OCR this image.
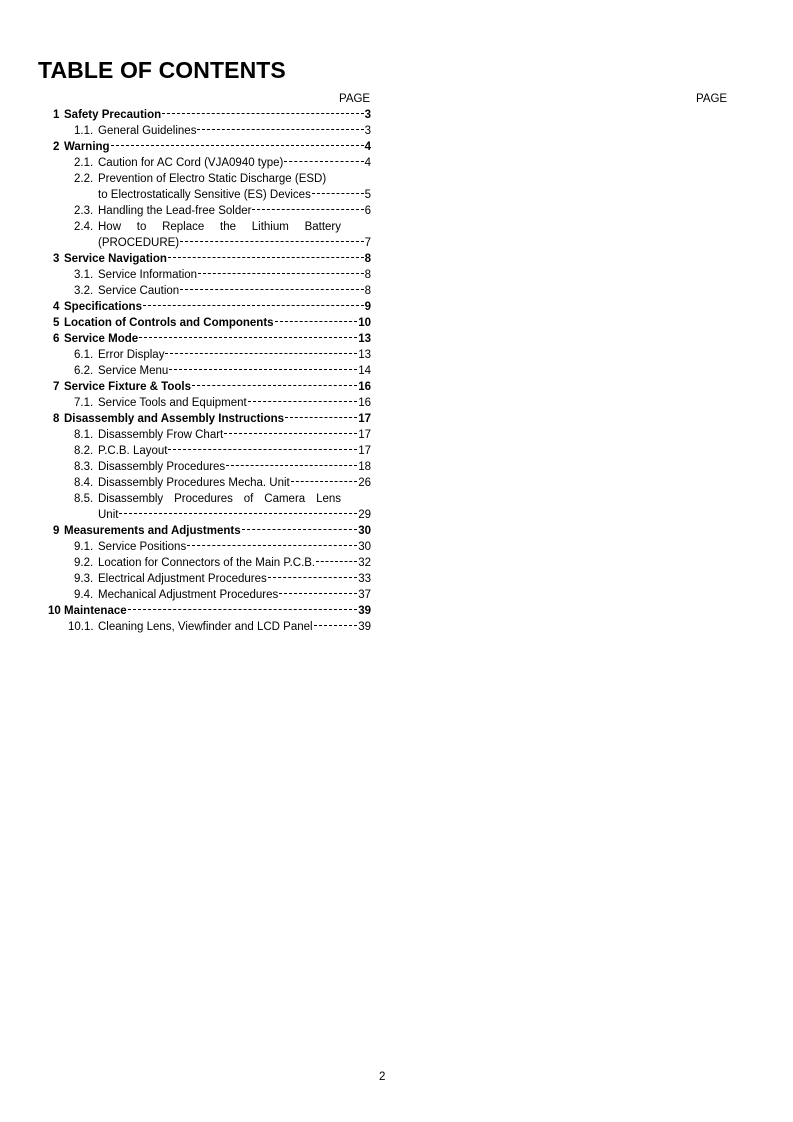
TABLE OF CONTENTS
PAGE	PAGE
1 Safety Precaution	3
1.1. General Guidelines	3
2 Warning	4
2.1. Caution for AC Cord (VJA0940 type)	4
2.2. Prevention of Electro Static Discharge (ESD)
to Electrostatically Sensitive (ES) Devices	5
2.3. Handling the Lead-free Solder	6
2.4. How to Replace the Lithium Battery
(PROCEDURE)	7
3 Service Navigation	8
3.1. Service Information	8
3.2. Service Caution	8
4 Specifications	9
5 Location of Controls and Components	10
6 Service Mode	13
6.1. Error Display	13
6.2. Service Menu	14
7 Service Fixture & Tools	16
7.1. Service Tools and Equipment	16
8 Disassembly and Assembly Instructions	17
8.1. Disassembly Frow Chart	17
8.2. P.C.B. Layout	17
8.3. Disassembly Procedures	18
8.4. Disassembly Procedures Mecha. Unit	26
8.5. Disassembly Procedures of Camera Lens
Unit	29
9 Measurements and Adjustments	30
9.1. Service Positions	30
9.2. Location for Connectors of the Main P.C.B.	32
9.3. Electrical Adjustment Procedures	33
9.4. Mechanical Adjustment Procedures	37
10 Maintenace	39
10.1. Cleaning Lens, Viewfinder and LCD Panel	39
2
